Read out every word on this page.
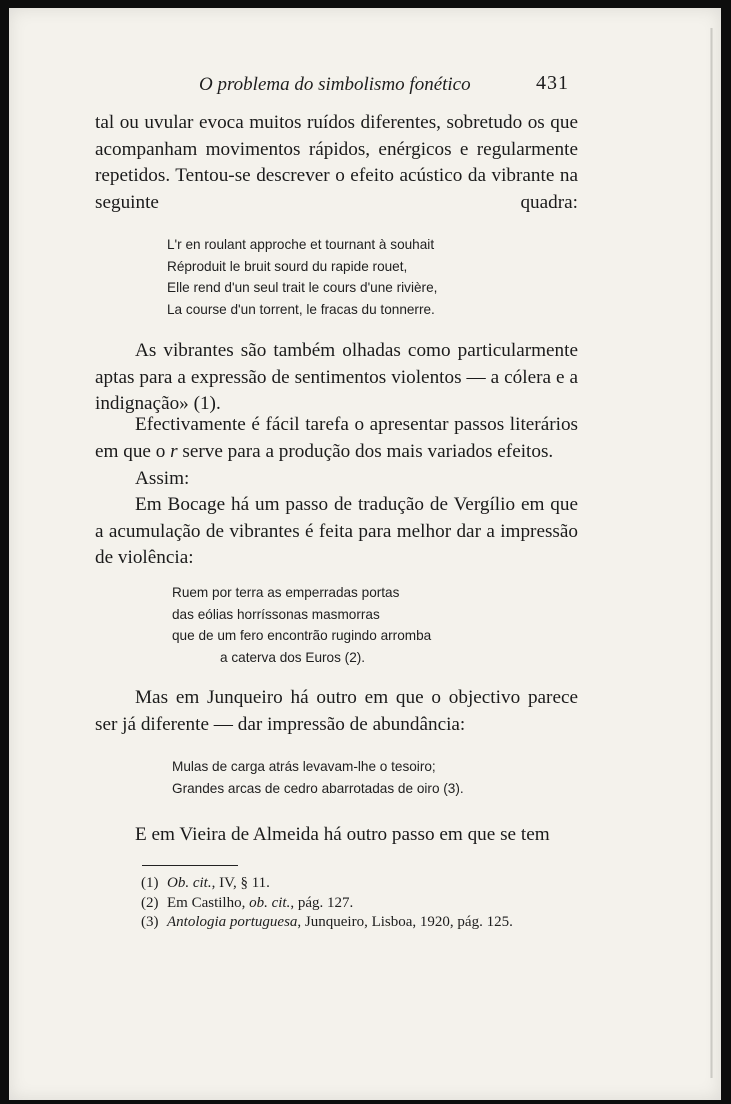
O problema do simbolismo fonético	431

tal ou uvular evoca muitos ruídos diferentes, sobretudo os que acompanham movimentos rápidos, enérgicos e regularmente repetidos. Tentou-se descrever o efeito acústico da vibrante na seguinte quadra:

L'r en roulant approche et tournant à souhait
Réproduit le bruit sourd du rapide rouet,
Elle rend d'un seul trait le cours d'une rivière,
La course d'un torrent, le fracas du tonnerre.

As vibrantes são também olhadas como particularmente aptas para a expressão de sentimentos violentos — a cólera e a indignação» (1).

Efectivamente é fácil tarefa o apresentar passos literários em que o r serve para a produção dos mais variados efeitos.

Assim:

Em Bocage há um passo de tradução de Vergílio em que a acumulação de vibrantes é feita para melhor dar a impressão de violência:

Ruem por terra as emperradas portas
das eólias horríssonas masmorras
que de um fero encontrão rugindo arromba
a caterva dos Euros (2).

Mas em Junqueiro há outro em que o objectivo parece ser já diferente — dar impressão de abundância:

Mulas de carga atrás levavam-lhe o tesoiro;
Grandes arcas de cedro abarrotadas de oiro (3).

E em Vieira de Almeida há outro passo em que se tem

(1) Ob. cit., IV, § 11.
(2) Em Castilho, ob. cit., pág. 127.
(3) Antologia portuguesa, Junqueiro, Lisboa, 1920, pág. 125.
